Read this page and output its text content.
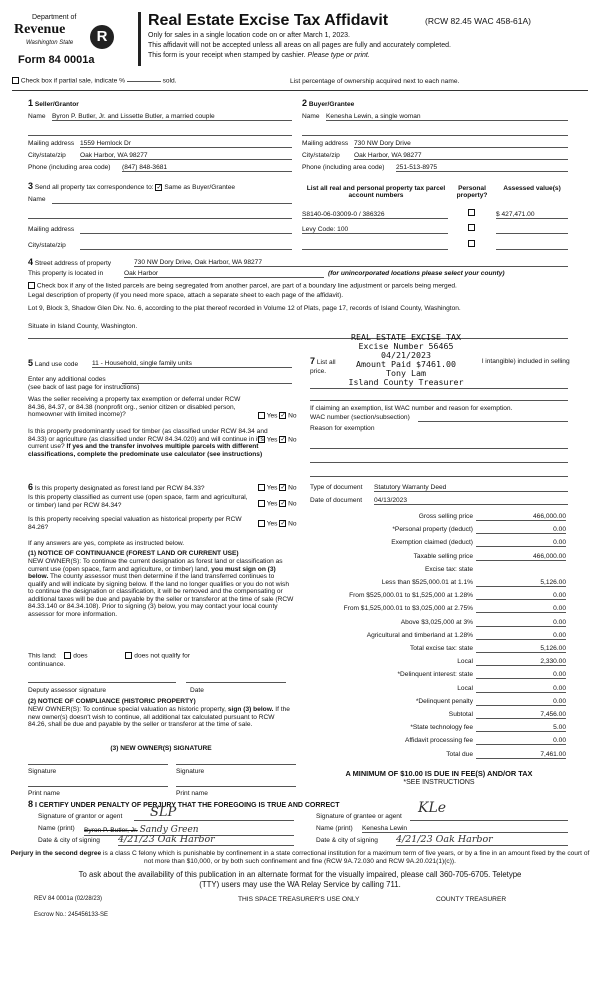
Department of
Revenue
Washington State	R
Form 84 0001a
Real Estate Excise Tax Affidavit	(RCW 82.45 WAC 458-61A)
Only for sales in a single location code on or after March 1, 2023.
This affidavit will not be accepted unless all areas on all pages are fully and accurately completed.
This form is your receipt when stamped by cashier. Please type or print.
Check box if partial sale, indicate %	sold.	List percentage of ownership acquired next to each name.
1 Seller/Grantor
Name Byron P. Butler, Jr. and Lissette Butler, a married couple
Mailing address 1559 Hemlock Dr
City/state/zip Oak Harbor, WA 98277
Phone (including area code) (847) 848-3681
2 Buyer/Grantee
Name Kenesha Lewin, a single woman
Mailing address 730 NW Dory Drive
City/state/zip Oak Harbor, WA 98277
Phone (including area code) 251-513-8975
3 Send all property tax correspondence to: ✓ Same as Buyer/Grantee
Name
Mailing address
City/state/zip
List all real and personal property tax parcel account numbers
Personal property?
Assessed value(s)
S8140-06-03009-0 / 386326	$ 427,471.00
Levy Code: 100
4 Street address of property	730 NW Dory Drive, Oak Harbor, WA 98277
This property is located in	Oak Harbor	(for unincorporated locations please select your county)
Check box if any of the listed parcels are being segregated from another parcel, are part of a boundary line adjustment or parcels being merged.
Legal description of property (if you need more space, attach a separate sheet to each page of the affidavit).
Lot 9, Block 3, Shadow Glen Div. No. 6, according to the plat thereof recorded in Volume 12 of Plats, page 17, records of Island County, Washington.
Situate in Island County, Washington.
REAL ESTATE EXCISE TAX
Excise Number 56465
04/21/2023
Amount Paid $7461.00
Tony Lam
Island County Treasurer
5 Land use code 11 - Household, single family units
Enter any additional codes
(see back of last page for instructions)
Was the seller receiving a property tax exemption or deferral under RCW 84.36, 84.37, or 84.38 (nonprofit org., senior citizen or disabled person, homeowner with limited income)?	Yes ✓ No
Is this property predominantly used for timber (as classified under RCW 84.34 and 84.33) or agriculture (as classified under RCW 84.34.020) and will continue in it's current use? If yes and the transfer involves multiple parcels with different classifications, complete the predominate use calculator (see instructions)
Yes ✓ No
7 List all	l intangible) included in selling
price.
If claiming an exemption, list WAC number and reason for exemption.
WAC number (section/subsection)
Reason for exemption
6 Is this property designated as forest land per RCW 84.33?	Yes ✓ No
Is this property classified as current use (open space, farm and agricultural, or timber) land per RCW 84.34?	Yes ✓ No
Is this property receiving special valuation as historical property per RCW 84.26?	Yes ✓ No
If any answers are yes, complete as instructed below.
(1) NOTICE OF CONTINUANCE (FOREST LAND OR CURRENT USE)
NEW OWNER(S): To continue the current designation as forest land or classification as current use (open space, farm and agriculture, or timber) land, you must sign on (3) below. The county assessor must then determine if the land transferred continues to qualify and will indicate by signing below. If the land no longer qualifies or you do not wish to continue the designation or classification, it will be removed and the compensating or additional taxes will be due and payable by the seller or transferor at the time of sale (RCW 84.33.140 or 84.34.108). Prior to signing (3) below, you may contact your local county assessor for more information.
This land:	does	does not qualify for
continuance.
Deputy assessor signature	Date
(2) NOTICE OF COMPLIANCE (HISTORIC PROPERTY)
NEW OWNER(S): To continue special valuation as historic property, sign (3) below. If the new owner(s) doesn't wish to continue, all additional tax calculated pursuant to RCW 84.26, shall be due and payable by the seller or transferor at the time of sale.
(3) NEW OWNER(S) SIGNATURE
Signature	Signature
Print name	Print name
Type of document Statutory Warranty Deed
Date of document 04/13/2023
Gross selling price	466,000.00
*Personal property (deduct)	0.00
Exemption claimed (deduct)	0.00
Taxable selling price	466,000.00
Excise tax: state
Less than $525,000.01 at 1.1%	5,126.00
From $525,000.01 to $1,525,000 at 1.28%	0.00
From $1,525,000.01 to $3,025,000 at 2.75%	0.00
Above $3,025,000 at 3%	0.00
Agricultural and timberland at 1.28%	0.00
Total excise tax: state	5,126.00
Local	2,330.00
*Delinquent interest: state	0.00
Local	0.00
*Delinquent penalty	0.00
Subtotal	7,456.00
*State technology fee	5.00
Affidavit processing fee	0.00
Total due	7,461.00
A MINIMUM OF $10.00 IS DUE IN FEE(S) AND/OR TAX
*SEE INSTRUCTIONS
8 I CERTIFY UNDER PENALTY OF PERJURY THAT THE FOREGOING IS TRUE AND CORRECT
Signature of grantor or agent SLP
Name (print) Byron P. Butler, Jr. Sandy Green
Date & city of signing 4/21/23 Oak Harbor
Signature of grantee or agent
KLe
Name (print) Kenesha Lewin
Date & city of signing 4/21/23 Oak Harbor
Perjury in the second degree is a class C felony which is punishable by confinement in a state correctional institution for a maximum term of five years, or by a fine in an amount fixed by the court of not more than $10,000, or by both such confinement and fine (RCW 9A.72.030 and RCW 9A.20.021(1)(c)).
To ask about the availability of this publication in an alternate format for the visually impaired, please call 360-705-6705. Teletype
(TTY) users may use the WA Relay Service by calling 711.
REV 84 0001a (02/28/23)	THIS SPACE TREASURER'S USE ONLY	COUNTY TREASURER
Escrow No.: 245456133-SE
